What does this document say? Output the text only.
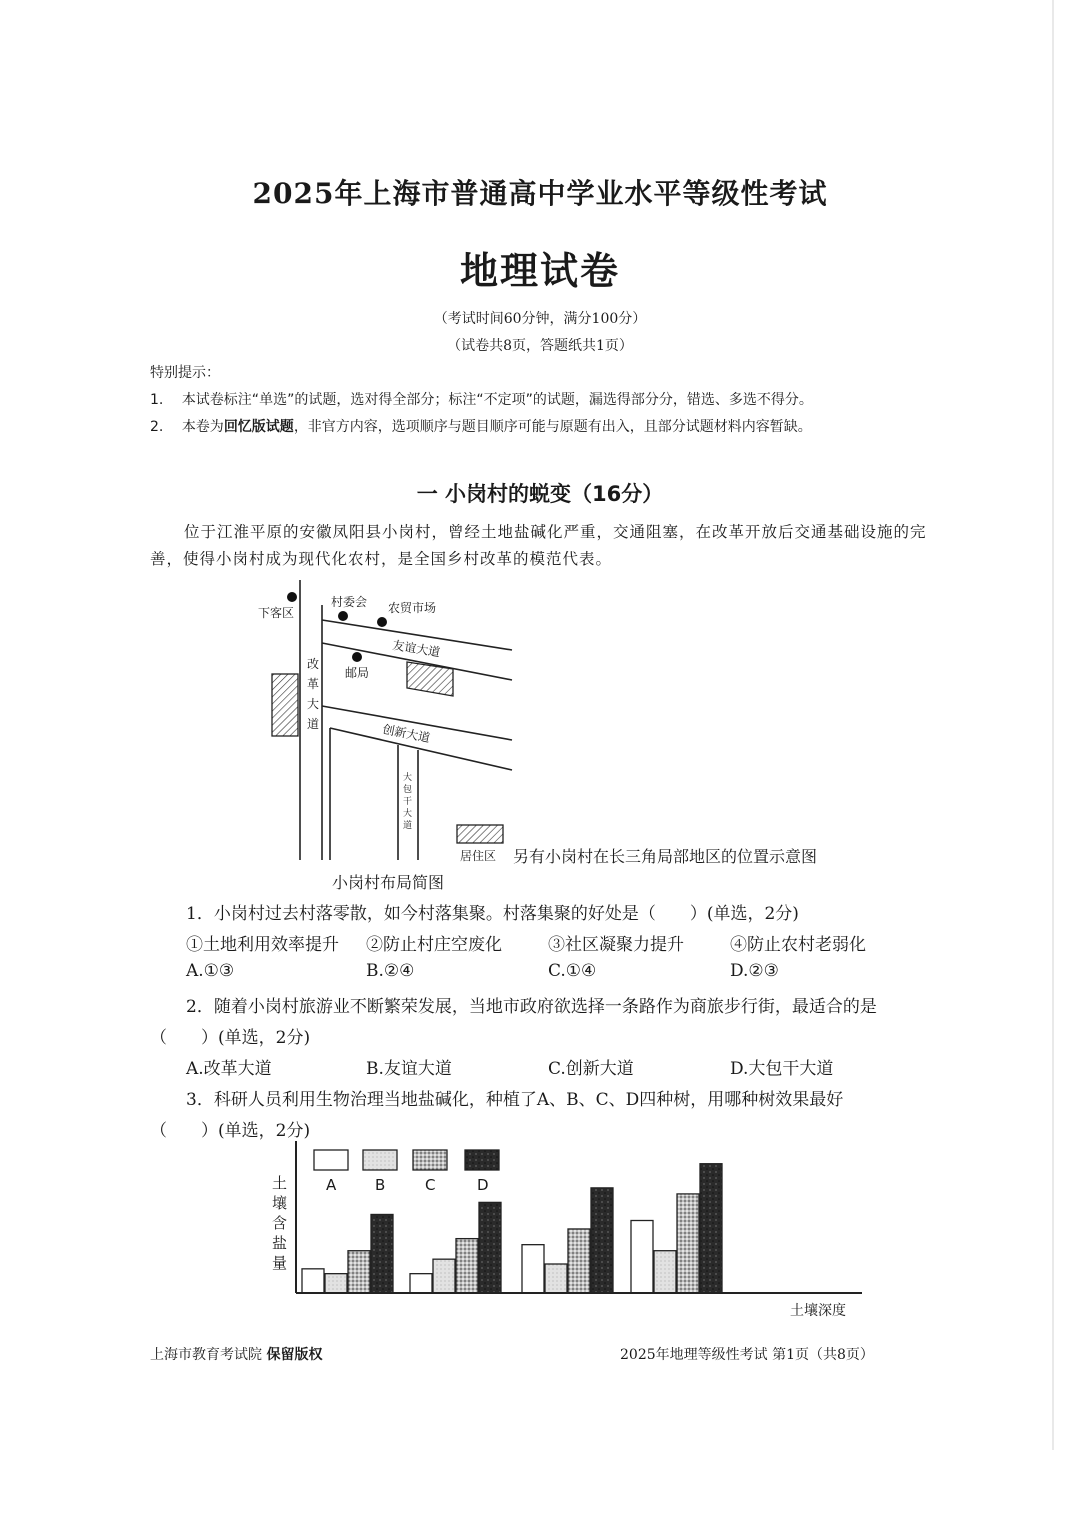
2025年上海市普通高中学业水平等级性考试
地理试卷
（考试时间60分钟，满分100分）
（试卷共8页，答题纸共1页）
特别提示：
1. 本试卷标注“单选”的试题，选对得全部分；标注“不定项”的试题，漏选得部分分，错选、多选不得分。
2. 本卷为回忆版试题，非官方内容，选项顺序与题目顺序可能与原题有出入，且部分试题材料内容暂缺。
一 小岗村的蜕变（16分）
位于江淮平原的安徽凤阳县小岗村，曾经土地盐碱化严重，交通阻塞，在改革开放后交通基础设施的完善，使得小岗村成为现代化农村，是全国乡村改革的模范代表。
下客区
村委会 农贸市场
友谊大道
邮局
改
革
大
道	创新大道
大
包
干
大
道
居住区 另有小岗村在长三角局部地区的位置示意图
小岗村布局简图
1．小岗村过去村落零散，如今村落集聚。村落集聚的好处是（　　）(单选，2分)
①土地利用效率提升 ②防止村庄空废化	③社区凝聚力提升	④防止农村老弱化
A.①③	B.②④	C.①④	D.②③
2．随着小岗村旅游业不断繁荣发展，当地市政府欲选择一条路作为商旅步行街，最适合的是
（　　）(单选，2分)
A.改革大道	B.友谊大道	C.创新大道	D.大包干大道
3．科研人员利用生物治理当地盐碱化，种植了A、B、C、D四种树，用哪种树效果最好
（　　）(单选，2分)
A	B	C	D
土
壤
含
盐
量
土壤深度
上海市教育考试院 保留版权	2025年地理等级性考试 第1页（共8页）
